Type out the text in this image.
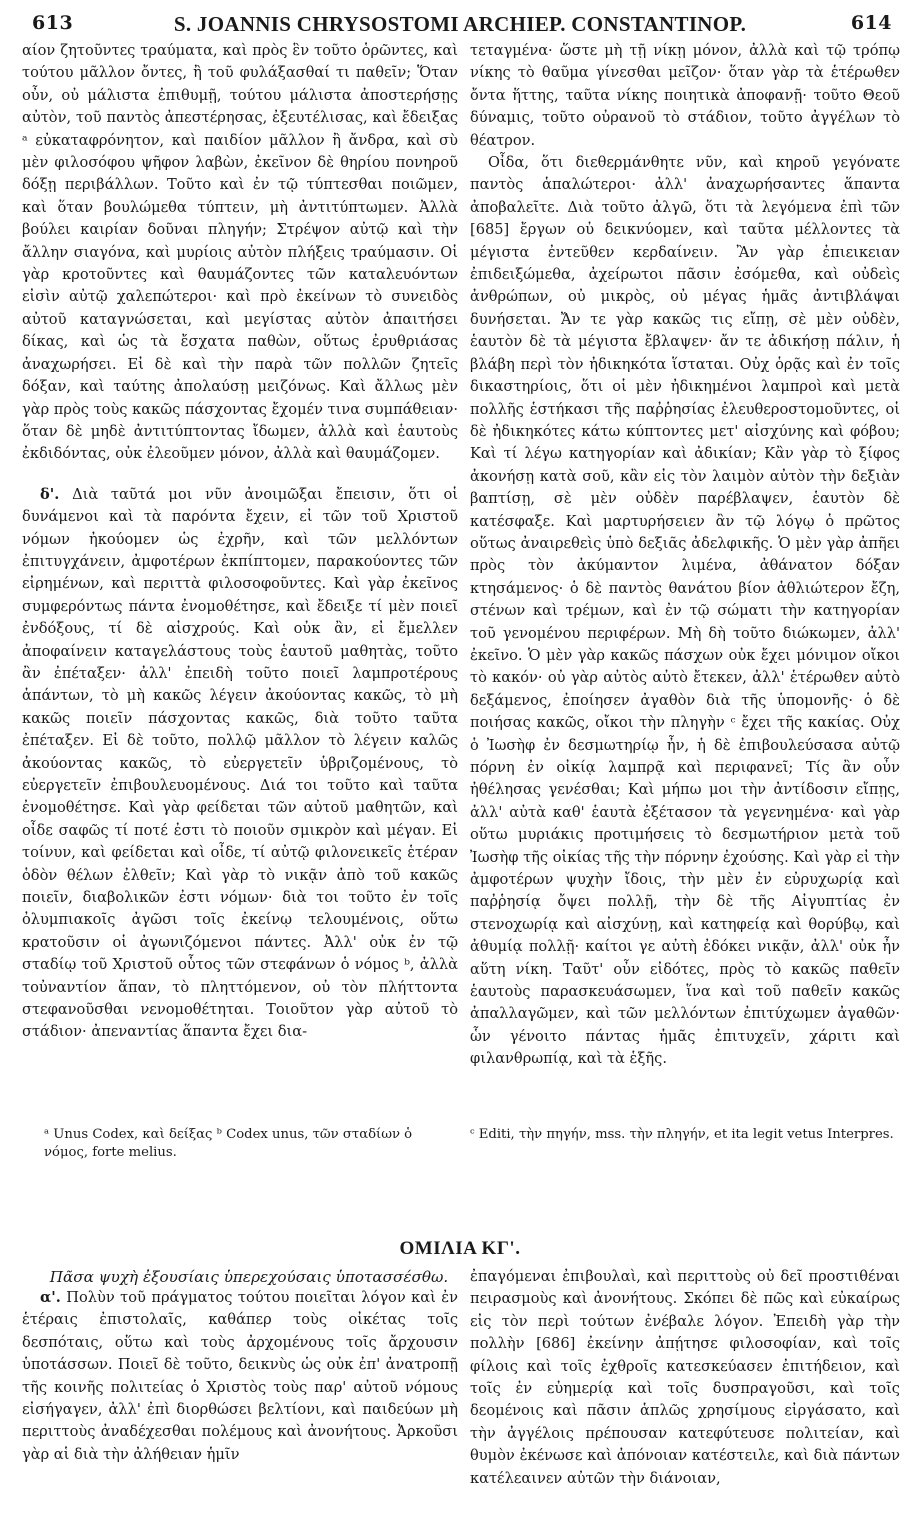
613	S. JOANNIS CHRYSOSTOMI ARCHIEP. CONSTANTINOP.	614

αίον ζητοῦντες τραύματα, καὶ πρὸς ἓν τοῦτο ὁρῶντες, καὶ τούτου μᾶλλον ὄντες, ἢ τοῦ φυλάξασθαί τι παθεῖν; Ὅταν οὖν, οὐ μάλιστα ἐπιθυμῇ, τούτου μάλιστα ἀποστερήσῃς αὐτὸν, τοῦ παντὸς ἀπεστέρησας, ἐξευτέλισας, καὶ ἔδειξας ᵃ εὐκαταφρόνητον, καὶ παιδίον μᾶλλον ἢ ἄνδρα, καὶ σὺ μὲν φιλοσόφου ψῆφον λαβὼν, ἐκεῖνον δὲ θηρίου πονηροῦ δόξῃ περιβάλλων. Τοῦτο καὶ ἐν τῷ τύπτεσθαι ποιῶμεν, καὶ ὅταν βουλώμεθα τύπτειν, μὴ ἀντιτύπτωμεν. Ἀλλὰ βούλει καιρίαν δοῦναι πληγήν; Στρέψον αὐτῷ καὶ τὴν ἄλλην σιαγόνα, καὶ μυρίοις αὐτὸν πλήξεις τραύμασιν. Οἱ γὰρ κροτοῦντες καὶ θαυμάζοντες τῶν καταλευόντων εἰσὶν αὐτῷ χαλεπώτεροι· καὶ πρὸ ἐκείνων τὸ συνειδὸς αὐτοῦ καταγνώσεται, καὶ μεγίστας αὐτὸν ἀπαιτήσει δίκας, καὶ ὡς τὰ ἔσχατα παθὼν, οὕτως ἐρυθριάσας ἀναχωρήσει. Εἰ δὲ καὶ τὴν παρὰ τῶν πολλῶν ζητεῖς δόξαν, καὶ ταύτης ἀπολαύσῃ μειζόνως. Καὶ ἄλλως μὲν γὰρ πρὸς τοὺς κακῶς πάσχοντας ἔχομέν τινα συμπάθειαν· ὅταν δὲ μηδὲ ἀντιτύπτοντας ἴδωμεν, ἀλλὰ καὶ ἑαυτοὺς ἐκδιδόντας, οὐκ ἐλεοῦμεν μόνον, ἀλλὰ καὶ θαυμάζομεν.

δ'. Διὰ ταῦτά μοι νῦν ἀνοιμῶξαι ἔπεισιν, ὅτι οἱ δυνάμενοι καὶ τὰ παρόντα ἔχειν, εἰ τῶν τοῦ Χριστοῦ νόμων ἠκούομεν ὡς ἐχρῆν, καὶ τῶν μελλόντων ἐπιτυγχάνειν, ἀμφοτέρων ἐκπίπτομεν, παρακούοντες τῶν εἰρημένων, καὶ περιττὰ φιλοσοφοῦντες. Καὶ γὰρ ἐκεῖνος συμφερόντως πάντα ἐνομοθέτησε, καὶ ἔδειξε τί μὲν ποιεῖ ἐνδόξους, τί δὲ αἰσχρούς. Καὶ οὐκ ἂν, εἰ ἔμελλεν ἀποφαίνειν καταγελάστους τοὺς ἑαυτοῦ μαθητὰς, τοῦτο ἂν ἐπέταξεν· ἀλλ' ἐπειδὴ τοῦτο ποιεῖ λαμπροτέρους ἁπάντων, τὸ μὴ κακῶς λέγειν ἀκούοντας κακῶς, τὸ μὴ κακῶς ποιεῖν πάσχοντας κακῶς, διὰ τοῦτο ταῦτα ἐπέταξεν. Εἰ δὲ τοῦτο, πολλῷ μᾶλλον τὸ λέγειν καλῶς ἀκούοντας κακῶς, τὸ εὐεργετεῖν ὑβριζομένους, τὸ εὐεργετεῖν ἐπιβουλευομένους. Διά τοι τοῦτο καὶ ταῦτα ἐνομοθέτησε. Καὶ γὰρ φείδεται τῶν αὐτοῦ μαθητῶν, καὶ οἶδε σαφῶς τί ποτέ ἐστι τὸ ποιοῦν σμικρὸν καὶ μέγαν. Εἰ τοίνυν, καὶ φείδεται καὶ οἶδε, τί αὐτῷ φιλονεικεῖς ἑτέραν ὁδὸν θέλων ἐλθεῖν; Καὶ γὰρ τὸ νικᾷν ἀπὸ τοῦ κακῶς ποιεῖν, διαβολικῶν ἐστι νόμων· διὰ τοι τοῦτο ἐν τοῖς ὀλυμπιακοῖς ἀγῶσι τοῖς ἐκείνῳ τελουμένοις, οὕτω κρατοῦσιν οἱ ἀγωνιζόμενοι πάντες. Ἀλλ' οὐκ ἐν τῷ σταδίῳ τοῦ Χριστοῦ οὗτος τῶν στεφάνων ὁ νόμος ᵇ, ἀλλὰ τοὐναντίον ἅπαν, τὸ πληττόμενον, οὐ τὸν πλήττοντα στεφανοῦσθαι νενομοθέτηται. Τοιοῦτον γὰρ αὐτοῦ τὸ στάδιον· ἀπεναντίας ἅπαντα ἔχει δια-

τεταγμένα· ὥστε μὴ τῇ νίκῃ μόνον, ἀλλὰ καὶ τῷ τρόπῳ νίκης τὸ θαῦμα γίνεσθαι μεῖζον· ὅταν γὰρ τὰ ἑτέρωθεν ὄντα ἥττης, ταῦτα νίκης ποιητικὰ ἀποφανῇ· τοῦτο Θεοῦ δύναμις, τοῦτο οὐρανοῦ τὸ στάδιον, τοῦτο ἀγγέλων τὸ θέατρον.

Οἶδα, ὅτι διεθερμάνθητε νῦν, καὶ κηροῦ γεγόνατε παντὸς ἁπαλώτεροι· ἀλλ' ἀναχωρήσαντες ἅπαντα ἀποβαλεῖτε. Διὰ τοῦτο ἀλγῶ, ὅτι τὰ λεγόμενα ἐπὶ τῶν [685] ἔργων οὐ δεικνύομεν, καὶ ταῦτα μέλλοντες τὰ μέγιστα ἐντεῦθεν κερδαίνειν. Ἂν γὰρ ἐπιεικειαν ἐπιδειξώμεθα, ἀχείρωτοι πᾶσιν ἐσόμεθα, καὶ οὐδεὶς ἀνθρώπων, οὐ μικρὸς, οὐ μέγας ἡμᾶς ἀντιβλάψαι δυνήσεται. Ἄν τε γὰρ κακῶς τις εἴπῃ, σὲ μὲν οὐδὲν, ἑαυτὸν δὲ τὰ μέγιστα ἔβλαψεν· ἄν τε ἀδικήσῃ πάλιν, ἡ βλάβη περὶ τὸν ἠδικηκότα ἵσταται. Οὐχ ὁρᾷς καὶ ἐν τοῖς δικαστηρίοις, ὅτι οἱ μὲν ἠδικημένοι λαμπροὶ καὶ μετὰ πολλῆς ἑστήκασι τῆς παῤῥησίας ἐλευθεροστομοῦντες, οἱ δὲ ἠδικηκότες κάτω κύπτοντες μετ' αἰσχύνης καὶ φόβου; Καὶ τί λέγω κατηγορίαν καὶ ἀδικίαν; Κἂν γὰρ τὸ ξίφος ἀκονήσῃ κατὰ σοῦ, κἂν εἰς τὸν λαιμὸν αὐτὸν τὴν δεξιὰν βαπτίσῃ, σὲ μὲν οὐδὲν παρέβλαψεν, ἑαυτὸν δὲ κατέσφαξε. Καὶ μαρτυρήσειεν ἂν τῷ λόγῳ ὁ πρῶτος οὕτως ἀναιρεθεὶς ὑπὸ δεξιᾶς ἀδελφικῆς. Ὁ μὲν γὰρ ἀπῆει πρὸς τὸν ἀκύμαντον λιμένα, ἀθάνατον δόξαν κτησάμενος· ὁ δὲ παντὸς θανάτου βίον ἀθλιώτερον ἔζη, στένων καὶ τρέμων, καὶ ἐν τῷ σώματι τὴν κατηγορίαν τοῦ γενομένου περιφέρων. Μὴ δὴ τοῦτο διώκωμεν, ἀλλ' ἐκεῖνο. Ὁ μὲν γὰρ κακῶς πάσχων οὐκ ἔχει μόνιμον οἴκοι τὸ κακόν· οὐ γὰρ αὐτὸς αὐτὸ ἔτεκεν, ἀλλ' ἑτέρωθεν αὐτὸ δεξάμενος, ἐποίησεν ἀγαθὸν διὰ τῆς ὑπομονῆς· ὁ δὲ ποιήσας κακῶς, οἴκοι τὴν πληγὴν ᶜ ἔχει τῆς κακίας. Οὐχ ὁ Ἰωσὴφ ἐν δεσμωτηρίῳ ἦν, ἡ δὲ ἐπιβουλεύσασα αὐτῷ πόρνη ἐν οἰκίᾳ λαμπρᾷ καὶ περιφανεῖ; Τίς ἂν οὖν ἠθέλησας γενέσθαι; Καὶ μήπω μοι τὴν ἀντίδοσιν εἴπῃς, ἀλλ' αὐτὰ καθ' ἑαυτὰ ἐξέτασον τὰ γεγενημένα· καὶ γὰρ οὕτω μυριάκις προτιμήσεις τὸ δεσμωτήριον μετὰ τοῦ Ἰωσὴφ τῆς οἰκίας τῆς τὴν πόρνην ἐχούσης. Καὶ γὰρ εἰ τὴν ἀμφοτέρων ψυχὴν ἴδοις, τὴν μὲν ἐν εὐρυχωρίᾳ καὶ παῤῥησίᾳ ὄψει πολλῇ, τὴν δὲ τῆς Αἰγυπτίας ἐν στενοχωρίᾳ καὶ αἰσχύνῃ, καὶ κατηφείᾳ καὶ θορύβῳ, καὶ ἀθυμίᾳ πολλῇ· καίτοι γε αὐτὴ ἐδόκει νικᾷν, ἀλλ' οὐκ ἦν αὕτη νίκη. Ταῦτ' οὖν εἰδότες, πρὸς τὸ κακῶς παθεῖν ἑαυτοὺς παρασκευάσωμεν, ἵνα καὶ τοῦ παθεῖν κακῶς ἀπαλλαγῶμεν, καὶ τῶν μελλόντων ἐπιτύχωμεν ἀγαθῶν· ὧν γένοιτο πάντας ἡμᾶς ἐπιτυχεῖν, χάριτι καὶ φιλανθρωπίᾳ, καὶ τὰ ἑξῆς.

ᵃ Unus Codex, καὶ δείξας ᵇ Codex unus, τῶν σταδίων ὁ νόμος, forte melius.
ᶜ Editi, τὴν πηγήν, mss. τὴν πληγήν, et ita legit vetus Interpres.
ΟΜΙΛΙΑ ΚΓ'.

Πᾶσα ψυχὴ ἐξουσίαις ὑπερεχούσαις ὑποτασσέσθω.

α'. Πολὺν τοῦ πράγματος τούτου ποιεῖται λόγον καὶ ἐν ἑτέραις ἐπιστολαῖς, καθάπερ τοὺς οἰκέτας τοῖς δεσπόταις, οὕτω καὶ τοὺς ἀρχομένους τοῖς ἄρχουσιν ὑποτάσσων. Ποιεῖ δὲ τοῦτο, δεικνὺς ὡς οὐκ ἐπ' ἀνατροπῇ τῆς κοινῆς πολιτείας ὁ Χριστὸς τοὺς παρ' αὐτοῦ νόμους εἰσήγαγεν, ἀλλ' ἐπὶ διορθώσει βελτίονι, καὶ παιδεύων μὴ περιττοὺς ἀναδέχεσθαι πολέμους καὶ ἀνονήτους. Ἀρκοῦσι γὰρ αἱ διὰ τὴν ἀλήθειαν ἡμῖν

ἐπαγόμεναι ἐπιβουλαὶ, καὶ περιττοὺς οὐ δεῖ προστιθέναι πειρασμοὺς καὶ ἀνονήτους. Σκόπει δὲ πῶς καὶ εὐκαίρως εἰς τὸν περὶ τούτων ἐνέβαλε λόγον. Ἐπειδὴ γὰρ τὴν πολλὴν [686] ἐκείνην ἀπῄτησε φιλοσοφίαν, καὶ τοῖς φίλοις καὶ τοῖς ἐχθροῖς κατεσκεύασεν ἐπιτήδειον, καὶ τοῖς ἐν εὐημερίᾳ καὶ τοῖς δυσπραγοῦσι, καὶ τοῖς δεομένοις καὶ πᾶσιν ἁπλῶς χρησίμους εἰργάσατο, καὶ τὴν ἀγγέλοις πρέπουσαν κατεφύτευσε πολιτείαν, καὶ θυμὸν ἐκένωσε καὶ ἀπόνοιαν κατέστειλε, καὶ διὰ πάντων κατέλεαινεν αὐτῶν τὴν διάνοιαν,
